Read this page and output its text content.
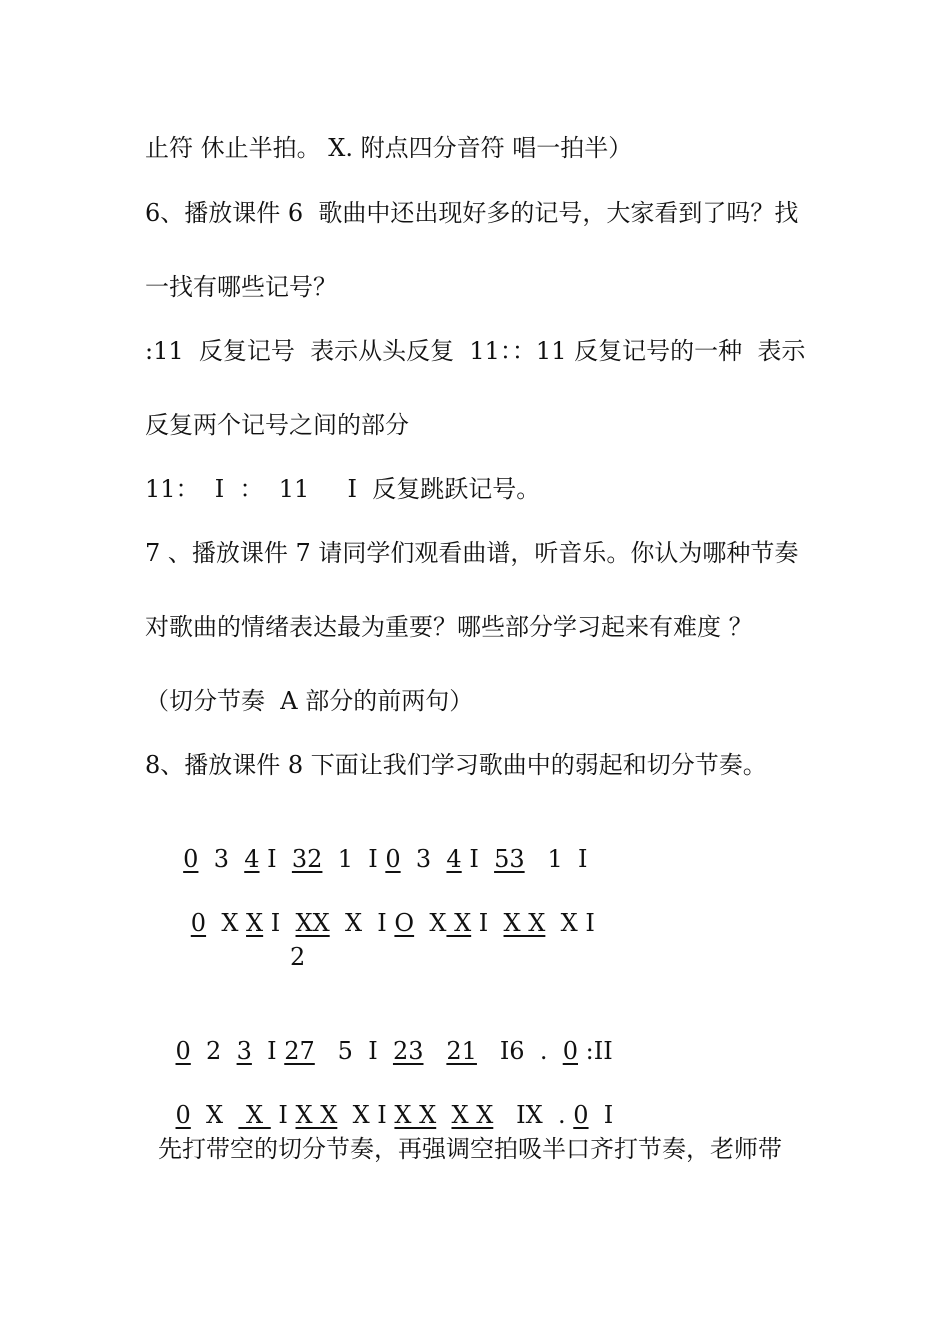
止符 休止半拍。 X. 附点四分音符 唱一拍半）
6、播放课件 6  歌曲中还出现好多的记号，大家看到了吗？找
一找有哪些记号？
:11  反复记号  表示从头反复  11：：11 反复记号的一种  表示
反复两个记号之间的部分
11：  I  ：  11     I  反复跳跃记号。
7 、播放课件 7 请同学们观看曲谱，听音乐。你认为哪种节奏
对歌曲的情绪表达最为重要？哪些部分学习起来有难度 ？
（切分节奏  A 部分的前两句）
8、播放课件 8 下面让我们学习歌曲中的弱起和切分节奏。

0  3  4 I  32  1  I 0  3  4 I  53   1  I

0  X X I  XX  X  I O  X X I  X X  X I

2

0  2  3  I 27   5  I  23 21   I6  .  0 :II

0  X   X  I X X  X I X X X X   IX  . 0  I

先打带空的切分节奏，再强调空拍吸半口齐打节奏，老师带
